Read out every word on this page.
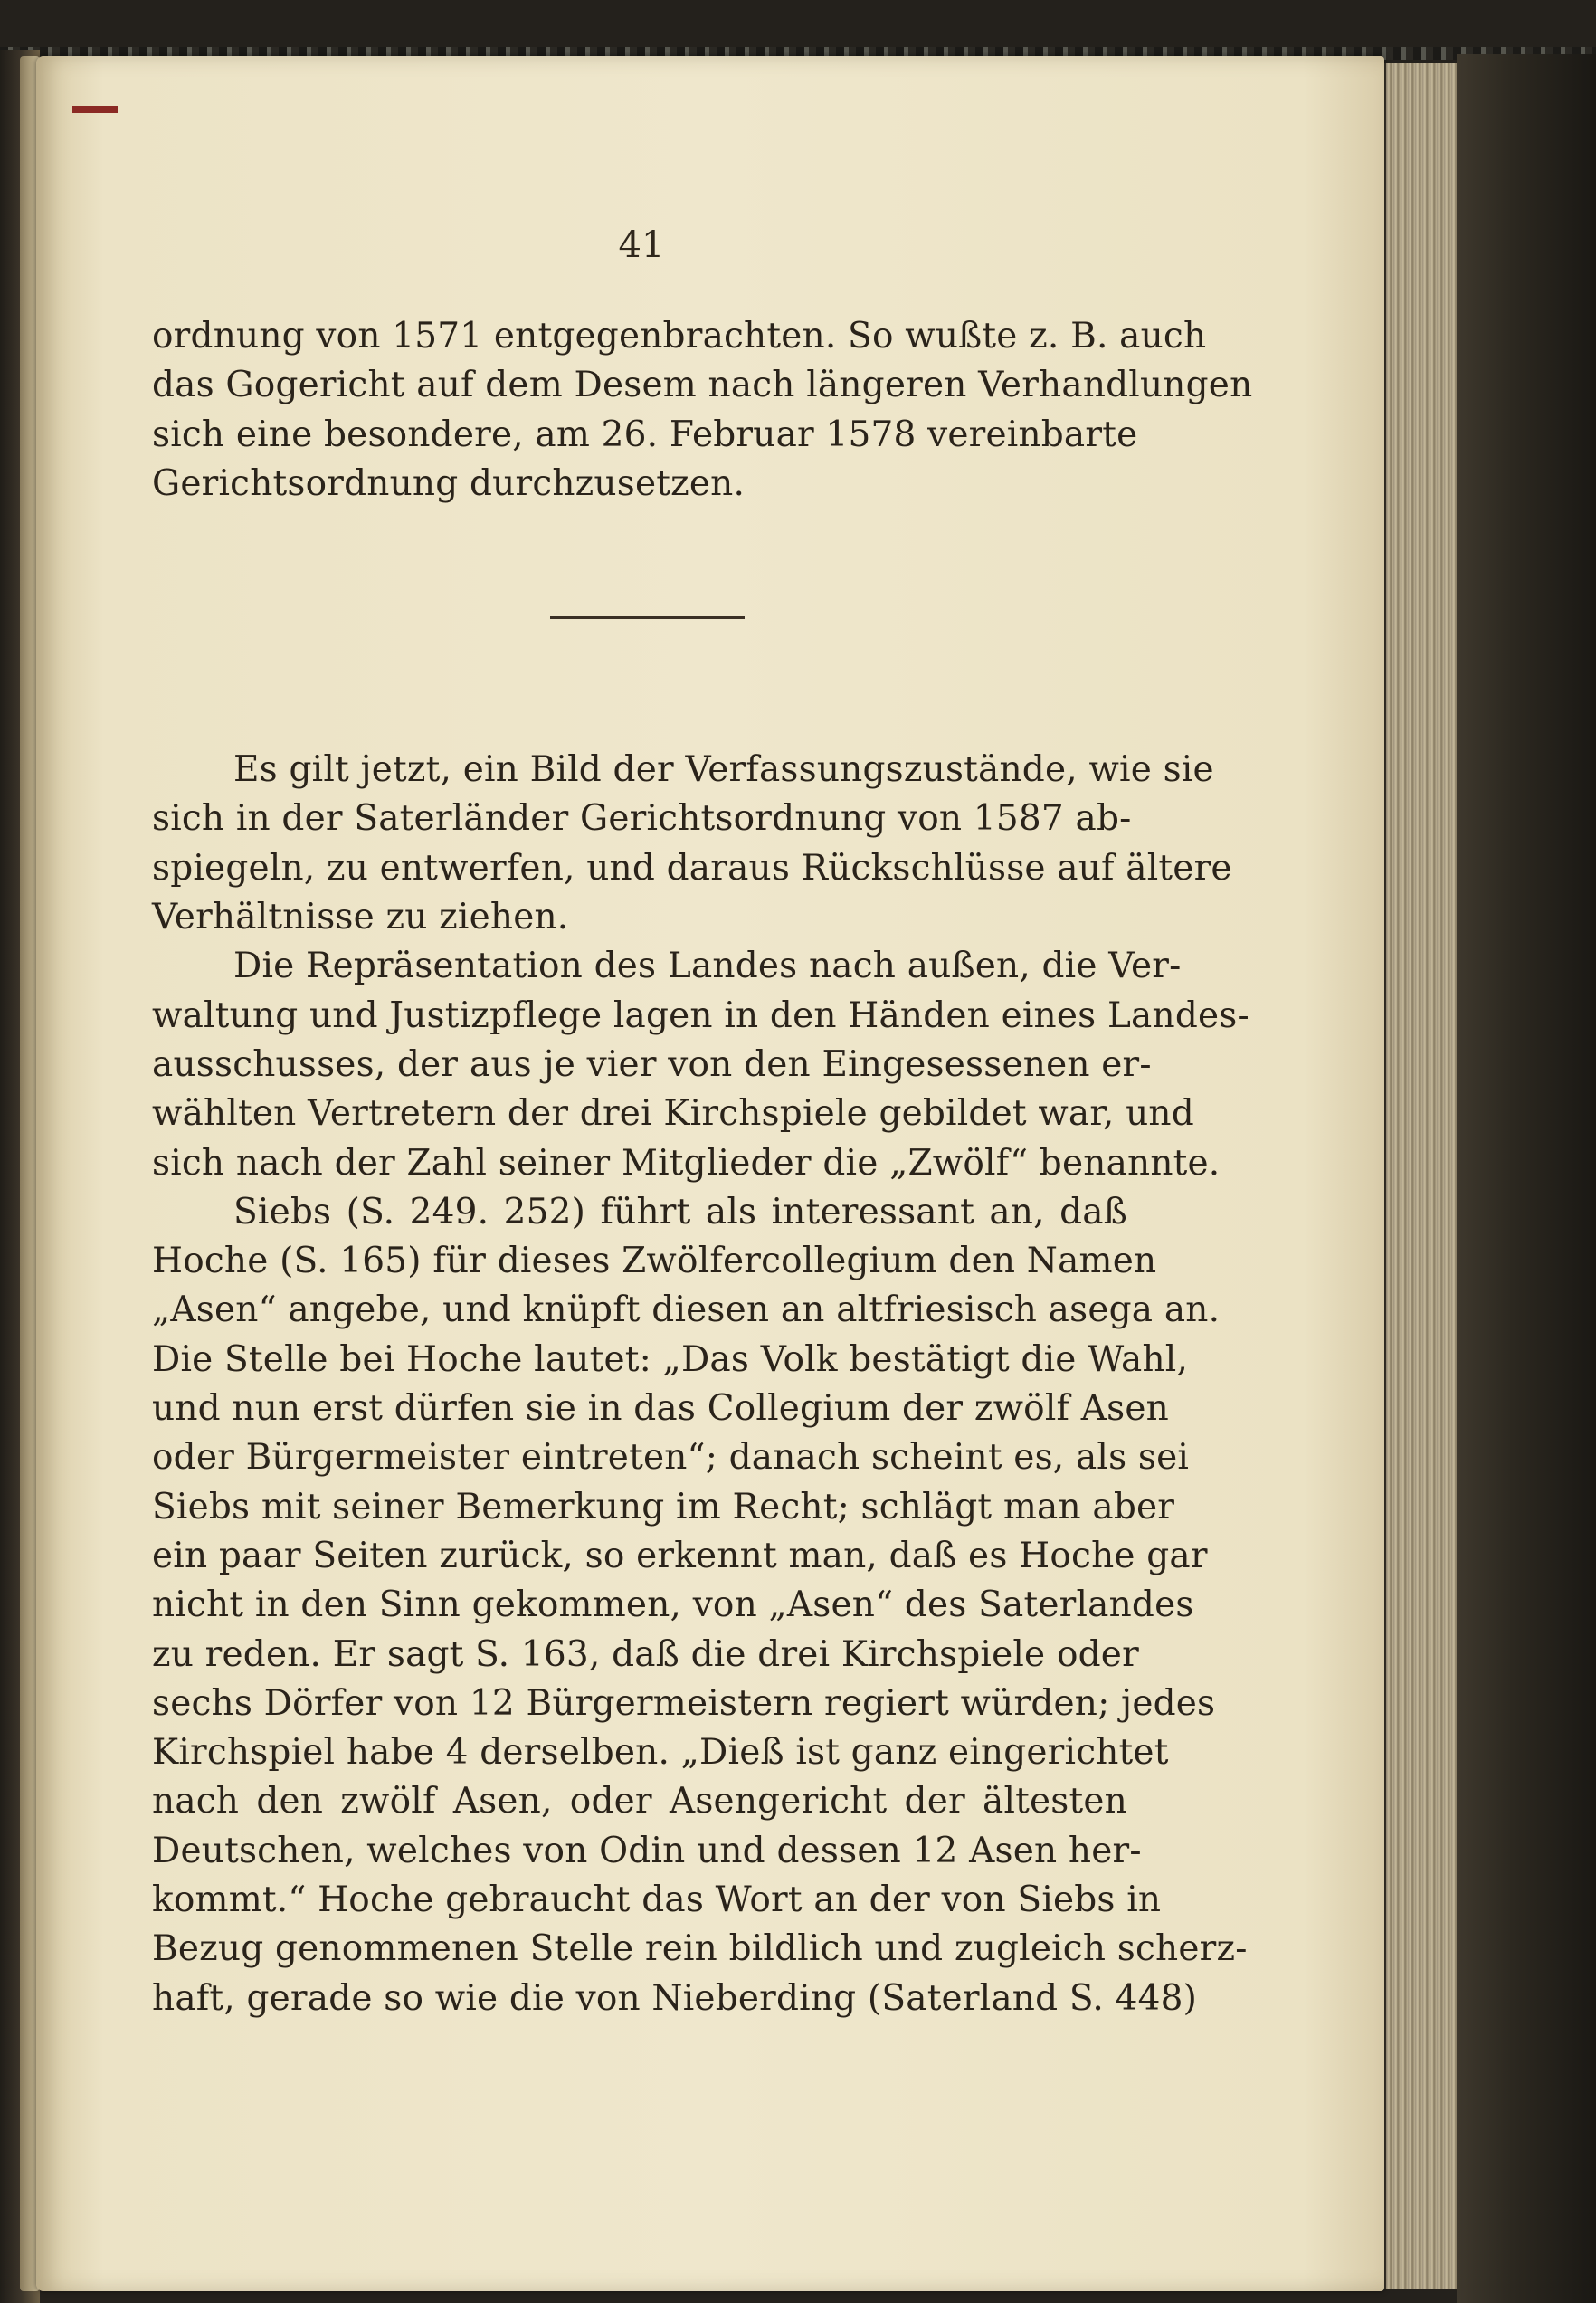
41
ordnung von 1571 entgegenbrachten. So wußte z. B. auch
das Gogericht auf dem Desem nach längeren Verhandlungen
sich eine besondere, am 26. Februar 1578 vereinbarte
Gerichtsordnung durchzusetzen.
Es gilt jetzt, ein Bild der Verfassungszustände, wie sie
sich in der Saterländer Gerichtsordnung von 1587 ab-
spiegeln, zu entwerfen, und daraus Rückschlüsse auf ältere
Verhältnisse zu ziehen.
Die Repräsentation des Landes nach außen, die Ver-
waltung und Justizpflege lagen in den Händen eines Landes-
ausschusses, der aus je vier von den Eingesessenen er-
wählten Vertretern der drei Kirchspiele gebildet war, und
sich nach der Zahl seiner Mitglieder die „Zwölf“ benannte.
Siebs (S. 249. 252) führt als interessant an, daß
Hoche (S. 165) für dieses Zwölfercollegium den Namen
„Asen“ angebe, und knüpft diesen an altfriesisch asega an.
Die Stelle bei Hoche lautet: „Das Volk bestätigt die Wahl,
und nun erst dürfen sie in das Collegium der zwölf Asen
oder Bürgermeister eintreten“; danach scheint es, als sei
Siebs mit seiner Bemerkung im Recht; schlägt man aber
ein paar Seiten zurück, so erkennt man, daß es Hoche gar
nicht in den Sinn gekommen, von „Asen“ des Saterlandes
zu reden. Er sagt S. 163, daß die drei Kirchspiele oder
sechs Dörfer von 12 Bürgermeistern regiert würden; jedes
Kirchspiel habe 4 derselben. „Dieß ist ganz eingerichtet
nach den zwölf Asen, oder Asengericht der ältesten
Deutschen, welches von Odin und dessen 12 Asen her-
kommt.“ Hoche gebraucht das Wort an der von Siebs in
Bezug genommenen Stelle rein bildlich und zugleich scherz-
haft, gerade so wie die von Nieberding (Saterland S. 448)
